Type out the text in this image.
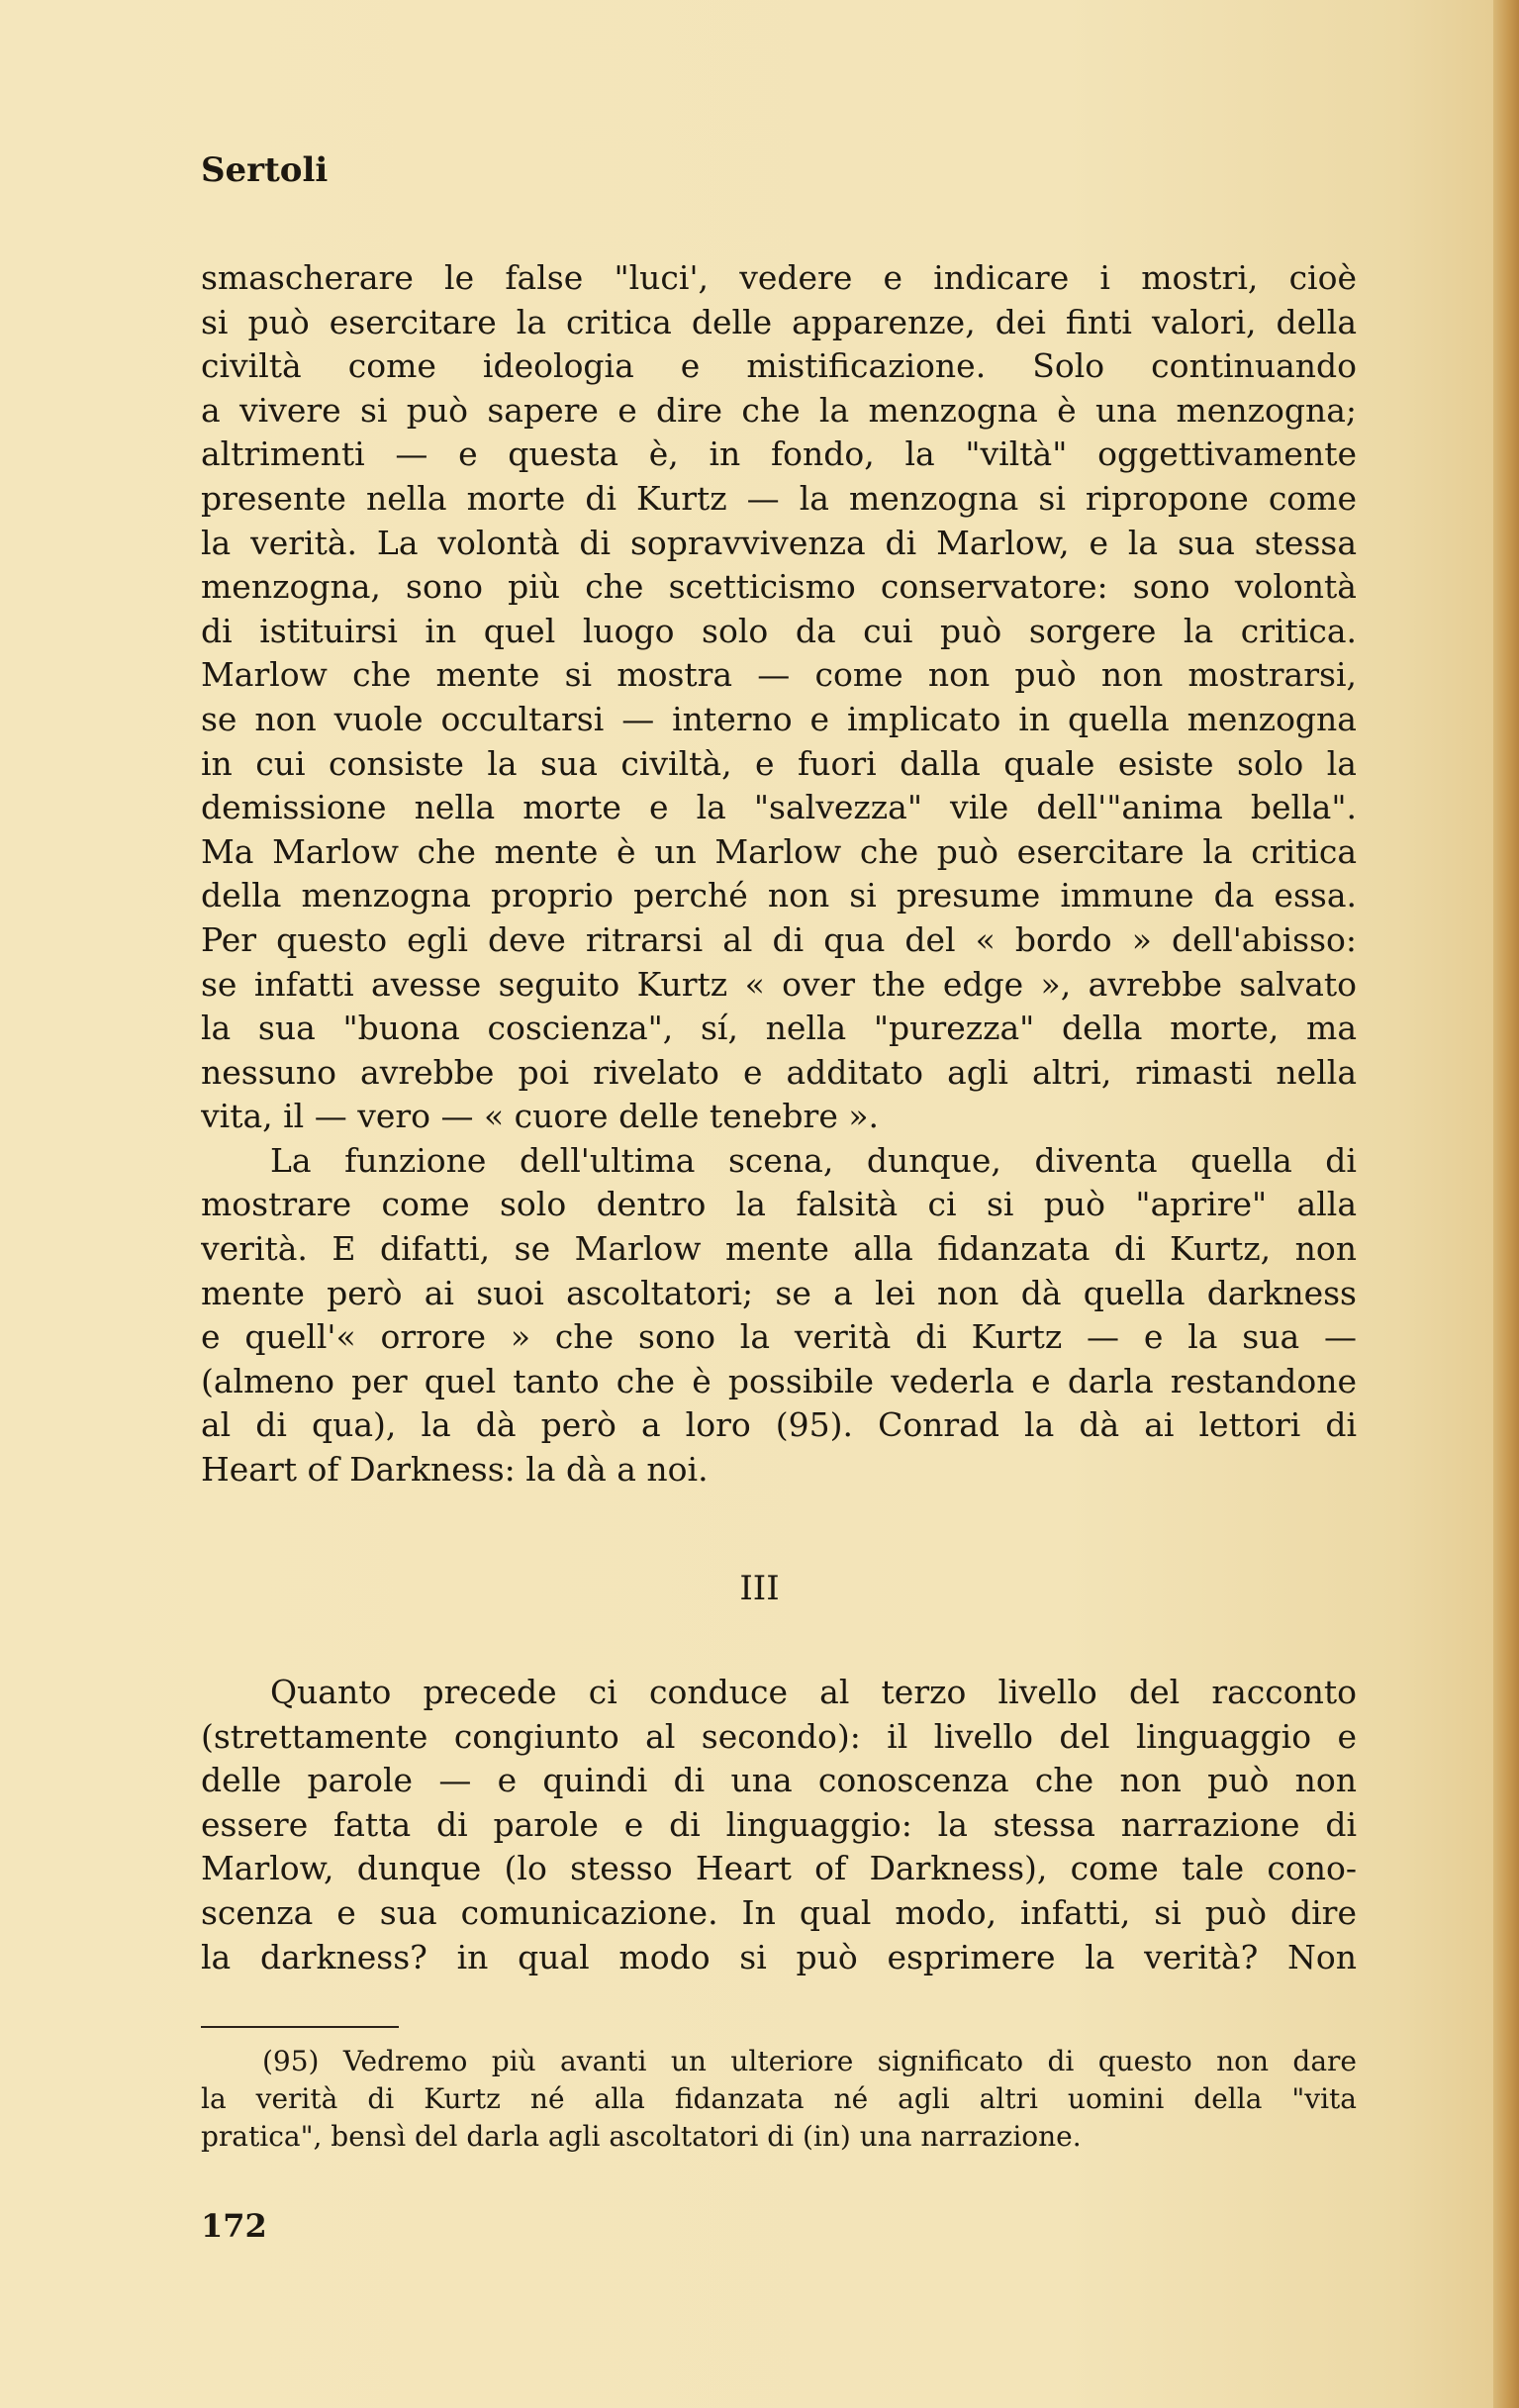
Sertoli
smascherare le false "luci', vedere e indicare i mostri, cioè
si può esercitare la critica delle apparenze, dei finti valori, della
civiltà come ideologia e mistificazione. Solo continuando
a vivere si può sapere e dire che la menzogna è una menzogna;
altrimenti — e questa è, in fondo, la "viltà" oggettivamente
presente nella morte di Kurtz — la menzogna si ripropone come
la verità. La volontà di sopravvivenza di Marlow, e la sua stessa
menzogna, sono più che scetticismo conservatore: sono volontà
di istituirsi in quel luogo solo da cui può sorgere la critica.
Marlow che mente si mostra — come non può non mostrarsi,
se non vuole occultarsi — interno e implicato in quella menzogna
in cui consiste la sua civiltà, e fuori dalla quale esiste solo la
demissione nella morte e la "salvezza" vile dell'"anima bella".
Ma Marlow che mente è un Marlow che può esercitare la critica
della menzogna proprio perché non si presume immune da essa.
Per questo egli deve ritrarsi al di qua del « bordo » dell'abisso:
se infatti avesse seguito Kurtz « over the edge », avrebbe salvato
la sua "buona coscienza", sí, nella "purezza" della morte, ma
nessuno avrebbe poi rivelato e additato agli altri, rimasti nella
vita, il — vero — « cuore delle tenebre ».
La funzione dell'ultima scena, dunque, diventa quella di
mostrare come solo dentro la falsità ci si può "aprire" alla
verità. E difatti, se Marlow mente alla fidanzata di Kurtz, non
mente però ai suoi ascoltatori; se a lei non dà quella darkness
e quell'« orrore » che sono la verità di Kurtz — e la sua —
(almeno per quel tanto che è possibile vederla e darla restandone
al di qua), la dà però a loro (95). Conrad la dà ai lettori di
Heart of Darkness: la dà a noi.
III
Quanto precede ci conduce al terzo livello del racconto
(strettamente congiunto al secondo): il livello del linguaggio e
delle parole — e quindi di una conoscenza che non può non
essere fatta di parole e di linguaggio: la stessa narrazione di
Marlow, dunque (lo stesso Heart of Darkness), come tale cono-
scenza e sua comunicazione. In qual modo, infatti, si può dire
la darkness? in qual modo si può esprimere la verità? Non
(95) Vedremo più avanti un ulteriore significato di questo non dare
la verità di Kurtz né alla fidanzata né agli altri uomini della "vita
pratica", bensì del darla agli ascoltatori di (in) una narrazione.
172
